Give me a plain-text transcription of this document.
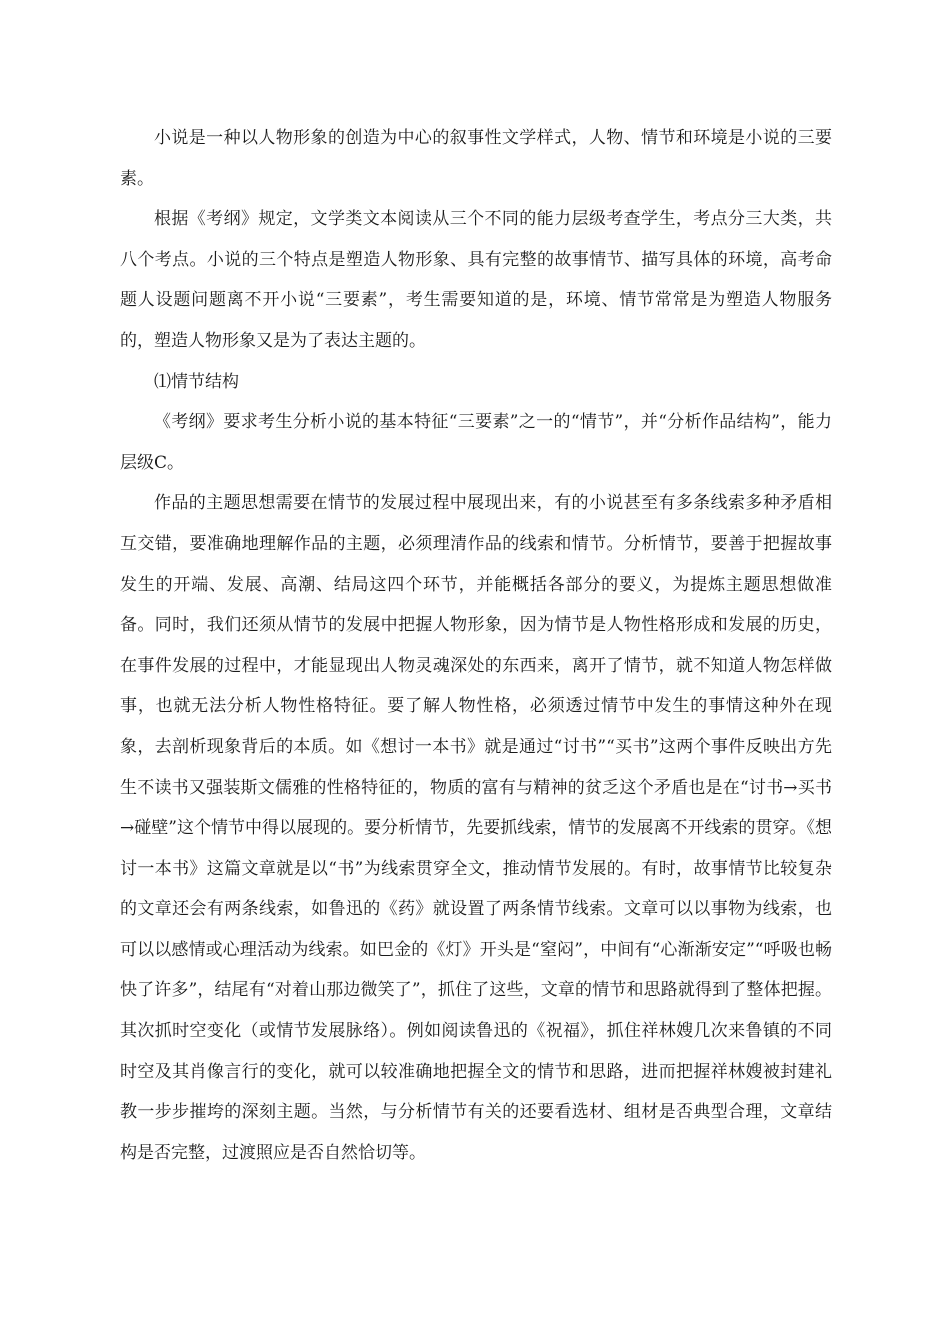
小说是一种以人物形象的创造为中心的叙事性文学样式，人物、情节和环境是小说的三要素。

根据《考纲》规定，文学类文本阅读从三个不同的能力层级考查学生，考点分三大类，共八个考点。小说的三个特点是塑造人物形象、具有完整的故事情节、描写具体的环境，高考命题人设题问题离不开小说“三要素”，考生需要知道的是，环境、情节常常是为塑造人物服务的，塑造人物形象又是为了表达主题的。

⑴情节结构

《考纲》要求考生分析小说的基本特征“三要素”之一的“情节”，并“分析作品结构”，能力层级C。

作品的主题思想需要在情节的发展过程中展现出来，有的小说甚至有多条线索多种矛盾相互交错，要准确地理解作品的主题，必须理清作品的线索和情节。分析情节，要善于把握故事发生的开端、发展、高潮、结局这四个环节，并能概括各部分的要义，为提炼主题思想做准备。同时，我们还须从情节的发展中把握人物形象，因为情节是人物性格形成和发展的历史，在事件发展的过程中，才能显现出人物灵魂深处的东西来，离开了情节，就不知道人物怎样做事，也就无法分析人物性格特征。要了解人物性格，必须透过情节中发生的事情这种外在现象，去剖析现象背后的本质。如《想讨一本书》就是通过“讨书”“买书”这两个事件反映出方先生不读书又强装斯文儒雅的性格特征的，物质的富有与精神的贫乏这个矛盾也是在“讨书→买书→碰壁”这个情节中得以展现的。要分析情节，先要抓线索，情节的发展离不开线索的贯穿。《想讨一本书》这篇文章就是以“书”为线索贯穿全文，推动情节发展的。有时，故事情节比较复杂的文章还会有两条线索，如鲁迅的《药》就设置了两条情节线索。文章可以以事物为线索，也可以以感情或心理活动为线索。如巴金的《灯》开头是“窒闷”，中间有“心渐渐安定”“呼吸也畅快了许多”，结尾有“对着山那边微笑了”，抓住了这些，文章的情节和思路就得到了整体把握。其次抓时空变化（或情节发展脉络）。例如阅读鲁迅的《祝福》，抓住祥林嫂几次来鲁镇的不同时空及其肖像言行的变化，就可以较准确地把握全文的情节和思路，进而把握祥林嫂被封建礼教一步步摧垮的深刻主题。当然，与分析情节有关的还要看选材、组材是否典型合理，文章结构是否完整，过渡照应是否自然恰切等。
